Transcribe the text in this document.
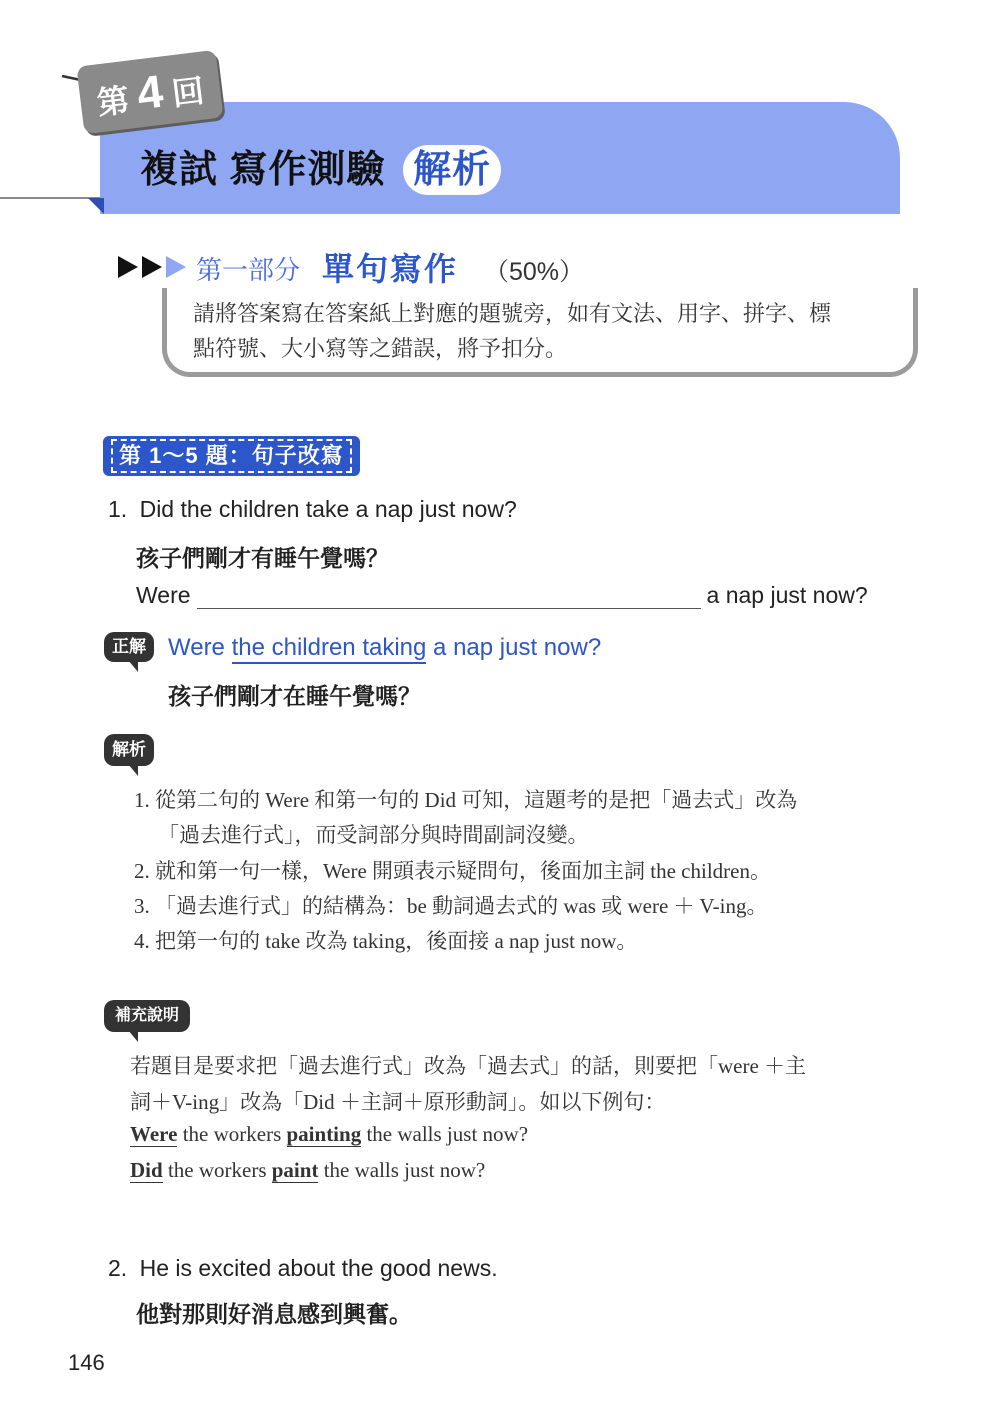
第 4 回
複試 寫作測驗 解析
第一部分 單句寫作 （50%）
請將答案寫在答案紙上對應的題號旁，如有文法、用字、拼字、標
點符號、大小寫等之錯誤，將予扣分。
第 1～5 題：句子改寫
1. Did the children take a nap just now?
孩子們剛才有睡午覺嗎？
Were	a nap just now?
正解 Were the children taking a nap just now?
孩子們剛才在睡午覺嗎？
解析
1. 從第二句的 Were 和第一句的 Did 可知，這題考的是把「過去式」改為
「過去進行式」，而受詞部分與時間副詞沒變。
2. 就和第一句一樣，Were 開頭表示疑問句，後面加主詞 the children。
3. 「過去進行式」的結構為：be 動詞過去式的 was 或 were ＋ V-ing。
4. 把第一句的 take 改為 taking，後面接 a nap just now。
補充說明
若題目是要求把「過去進行式」改為「過去式」的話，則要把「were ＋主
詞＋V-ing」改為「Did ＋主詞＋原形動詞」。如以下例句：
Were the workers painting the walls just now?
Did the workers paint the walls just now?
2. He is excited about the good news.
他對那則好消息感到興奮。
146
